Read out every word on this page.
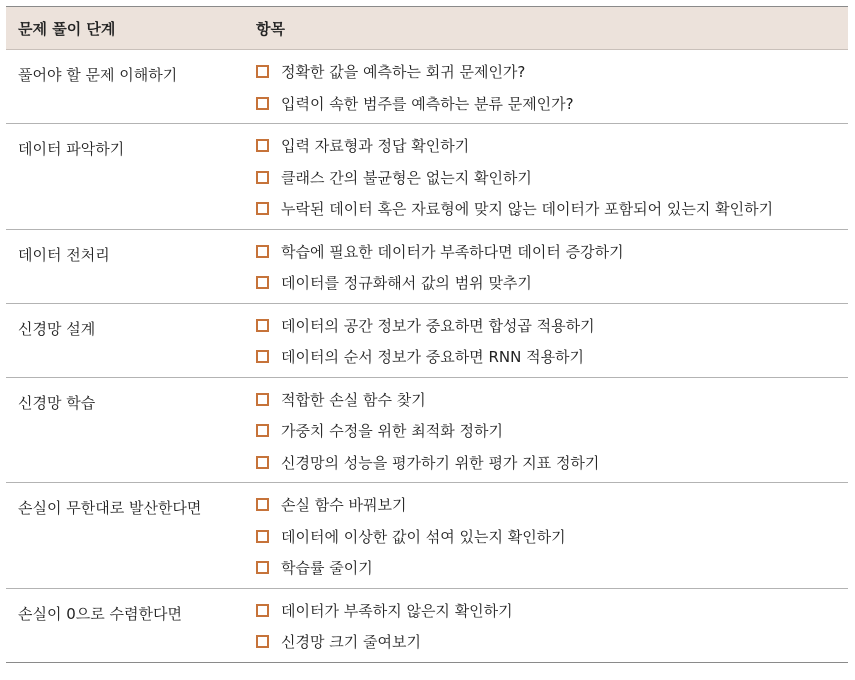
문제 풀이 단계	항목
풀어야 할 문제 이해하기	정확한 값을 예측하는 회귀 문제인가?
입력이 속한 범주를 예측하는 분류 문제인가?
데이터 파악하기	입력 자료형과 정답 확인하기
클래스 간의 불균형은 없는지 확인하기
누락된 데이터 혹은 자료형에 맞지 않는 데이터가 포함되어 있는지 확인하기
데이터 전처리	학습에 필요한 데이터가 부족하다면 데이터 증강하기
데이터를 정규화해서 값의 범위 맞추기
신경망 설계	데이터의 공간 정보가 중요하면 합성곱 적용하기
데이터의 순서 정보가 중요하면 RNN 적용하기
신경망 학습	적합한 손실 함수 찾기
가중치 수정을 위한 최적화 정하기
신경망의 성능을 평가하기 위한 평가 지표 정하기
손실이 무한대로 발산한다면	손실 함수 바꿔보기
데이터에 이상한 값이 섞여 있는지 확인하기
학습률 줄이기
손실이 0으로 수렴한다면	데이터가 부족하지 않은지 확인하기
신경망 크기 줄여보기
